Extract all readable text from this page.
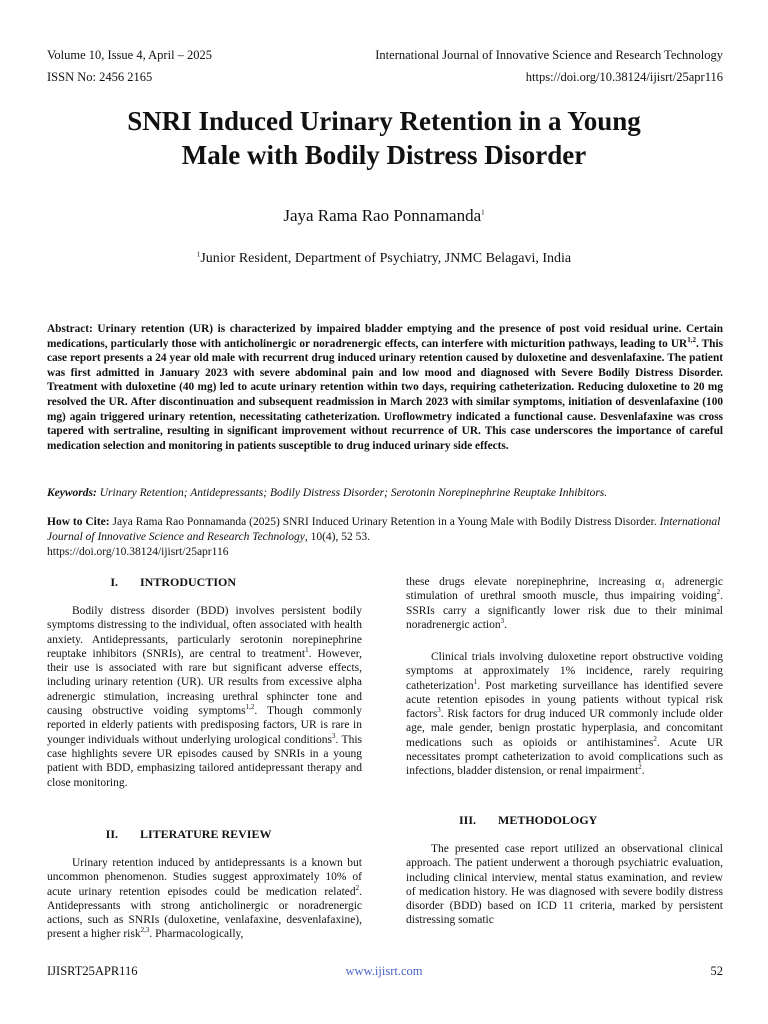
Volume 10, Issue 4, April – 2025
ISSN No: 2456 2165
International Journal of Innovative Science and Research Technology
https://doi.org/10.38124/ijisrt/25apr116
SNRI Induced Urinary Retention in a Young
Male with Bodily Distress Disorder
Jaya Rama Rao Ponnamanda$^1$
$^1$Junior Resident, Department of Psychiatry, JNMC Belagavi, India
Abstract: Urinary retention (UR) is characterized by impaired bladder emptying and the presence of post void residual urine. Certain medications, particularly those with anticholinergic or noradrenergic effects, can interfere with micturition pathways, leading to UR$^{1,2}$. This case report presents a 24 year old male with recurrent drug induced urinary retention caused by duloxetine and desvenlafaxine. The patient was first admitted in January 2023 with severe abdominal pain and low mood and diagnosed with Severe Bodily Distress Disorder. Treatment with duloxetine (40 mg) led to acute urinary retention within two days, requiring catheterization. Reducing duloxetine to 20 mg resolved the UR. After discontinuation and subsequent readmission in March 2023 with similar symptoms, initiation of desvenlafaxine (100 mg) again triggered urinary retention, necessitating catheterization. Uroflowmetry indicated a functional cause. Desvenlafaxine was cross tapered with sertraline, resulting in significant improvement without recurrence of UR. This case underscores the importance of careful medication selection and monitoring in patients susceptible to drug induced urinary side effects.
Keywords: Urinary Retention; Antidepressants; Bodily Distress Disorder; Serotonin Norepinephrine Reuptake Inhibitors.
How to Cite: Jaya Rama Rao Ponnamanda (2025) SNRI Induced Urinary Retention in a Young Male with Bodily Distress Disorder. International Journal of Innovative Science and Research Technology, 10(4), 52 53.
https://doi.org/10.38124/ijisrt/25apr116
I. INTRODUCTION

Bodily distress disorder (BDD) involves persistent bodily symptoms distressing to the individual, often associated with health anxiety. Antidepressants, particularly serotonin norepinephrine reuptake inhibitors (SNRIs), are central to treatment$^1$. However, their use is associated with rare but significant adverse effects, including urinary retention (UR). UR results from excessive alpha adrenergic stimulation, increasing urethral sphincter tone and causing obstructive voiding symptoms$^{1,2}$. Though commonly reported in elderly patients with predisposing factors, UR is rare in younger individuals without underlying urological conditions$^3$. This case highlights severe UR episodes caused by SNRIs in a young patient with BDD, emphasizing tailored antidepressant therapy and close monitoring.

II. LITERATURE REVIEW

Urinary retention induced by antidepressants is a known but uncommon phenomenon. Studies suggest approximately 10% of acute urinary retention episodes could be medication related$^2$. Antidepressants with strong anticholinergic or noradrenergic actions, such as SNRIs (duloxetine, venlafaxine, desvenlafaxine), present a higher risk$^{2,3}$. Pharmacologically,

these drugs elevate norepinephrine, increasing α₁ adrenergic stimulation of urethral smooth muscle, thus impairing voiding$^2$. SSRIs carry a significantly lower risk due to their minimal noradrenergic action$^3$.

Clinical trials involving duloxetine report obstructive voiding symptoms at approximately 1% incidence, rarely requiring catheterization$^1$. Post marketing surveillance has identified severe acute retention episodes in young patients without typical risk factors$^3$. Risk factors for drug induced UR commonly include older age, male gender, benign prostatic hyperplasia, and concomitant medications such as opioids or antihistamines$^2$. Acute UR necessitates prompt catheterization to avoid complications such as infections, bladder distension, or renal impairment$^2$.

III. METHODOLOGY

The presented case report utilized an observational clinical approach. The patient underwent a thorough psychiatric evaluation, including clinical interview, mental status examination, and review of medication history. He was diagnosed with severe bodily distress disorder (BDD) based on ICD 11 criteria, marked by persistent distressing somatic

IJISRT25APR116	www.ijisrt.com	52
